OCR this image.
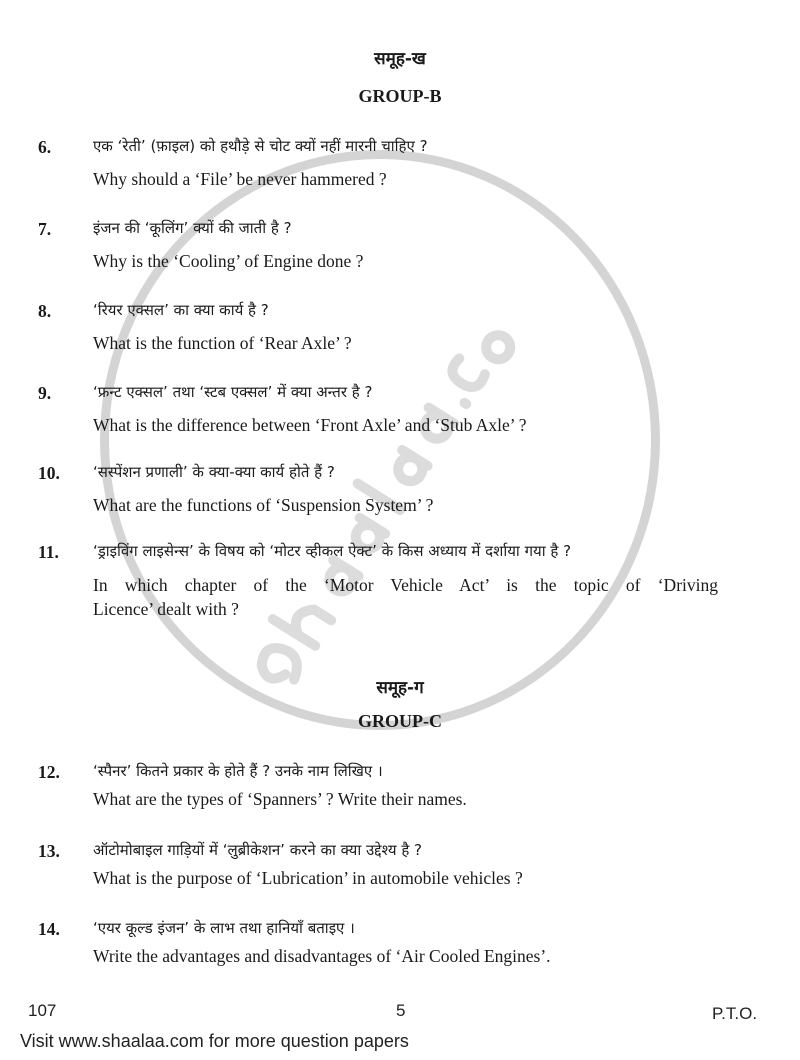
समूह-ख
GROUP-B
6.	एक ‘रेती’ (फ़ाइल) को हथौड़े से चोट क्यों नहीं मारनी चाहिए ?
Why should a ‘File’ be never hammered ?
7.	इंजन की ‘कूलिंग’ क्यों की जाती है ?
Why is the ‘Cooling’ of Engine done ?
8.	‘रियर एक्सल’ का क्या कार्य है ?
What is the function of ‘Rear Axle’ ?
9.	‘फ्रन्ट एक्सल’ तथा ‘स्टब एक्सल’ में क्या अन्तर है ?
What is the difference between ‘Front Axle’ and ‘Stub Axle’ ?
10. ‘सस्पेंशन प्रणाली’ के क्या-क्या कार्य होते हैं ?
What are the functions of ‘Suspension System’ ?
11. ‘ड्राइविंग लाइसेन्स’ के विषय को ‘मोटर व्हीकल ऐक्ट’ के किस अध्याय में दर्शाया गया है ?
In which chapter of the ‘Motor Vehicle Act’ is the topic of ‘Driving
Licence’ dealt with ?
समूह-ग
GROUP-C
12. ‘स्पैनर’ कितने प्रकार के होते हैं ? उनके नाम लिखिए ।
What are the types of ‘Spanners’ ? Write their names.
13. ऑटोमोबाइल गाड़ियों में ‘लुब्रीकेशन’ करने का क्या उद्देश्य है ?
What is the purpose of ‘Lubrication’ in automobile vehicles ?
14. ‘एयर कूल्ड इंजन’ के लाभ तथा हानियाँ बताइए ।
Write the advantages and disadvantages of ‘Air Cooled Engines’.
107	5	P.T.O.
Visit www.shaalaa.com for more question papers
